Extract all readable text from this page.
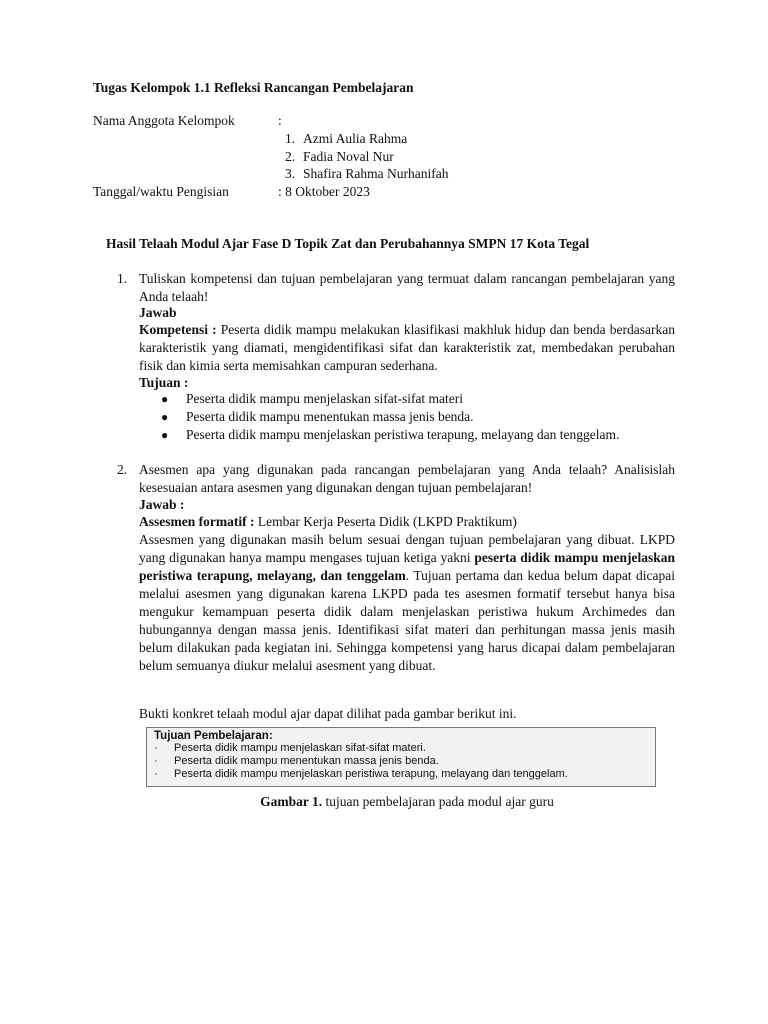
Tugas Kelompok 1.1 Refleksi Rancangan Pembelajaran
Nama Anggota Kelompok	:
1. Azmi Aulia Rahma
2. Fadia Noval Nur
3. Shafira Rahma Nurhanifah
Tanggal/waktu Pengisian	: 8 Oktober 2023
Hasil Telaah Modul Ajar Fase D Topik Zat dan Perubahannya SMPN 17 Kota Tegal
1. Tuliskan kompetensi dan tujuan pembelajaran yang termuat dalam rancangan pembelajaran yang Anda telaah!
Jawab
Kompetensi : Peserta didik mampu melakukan klasifikasi makhluk hidup dan benda berdasarkan karakteristik yang diamati, mengidentifikasi sifat dan karakteristik zat, membedakan perubahan fisik dan kimia serta memisahkan campuran sederhana.
Tujuan :
● Peserta didik mampu menjelaskan sifat-sifat materi
● Peserta didik mampu menentukan massa jenis benda.
● Peserta didik mampu menjelaskan peristiwa terapung, melayang dan tenggelam.
2. Asesmen apa yang digunakan pada rancangan pembelajaran yang Anda telaah? Analisislah kesesuaian antara asesmen yang digunakan dengan tujuan pembelajaran!
Jawab :
Assesmen formatif : Lembar Kerja Peserta Didik (LKPD Praktikum)
Assesmen yang digunakan masih belum sesuai dengan tujuan pembelajaran yang dibuat. LKPD yang digunakan hanya mampu mengases tujuan ketiga yakni peserta didik mampu menjelaskan peristiwa terapung, melayang, dan tenggelam. Tujuan pertama dan kedua belum dapat dicapai melalui asesmen yang digunakan karena LKPD pada tes asesmen formatif tersebut hanya bisa mengukur kemampuan peserta didik dalam menjelaskan peristiwa hukum Archimedes dan hubungannya dengan massa jenis. Identifikasi sifat materi dan perhitungan massa jenis masih belum dilakukan pada kegiatan ini. Sehingga kompetensi yang harus dicapai dalam pembelajaran belum semuanya diukur melalui asesment yang dibuat.
Bukti konkret telaah modul ajar dapat dilihat pada gambar berikut ini.
Tujuan Pembelajaran:
· Peserta didik mampu menjelaskan sifat-sifat materi.
· Peserta didik mampu menentukan massa jenis benda.
· Peserta didik mampu menjelaskan peristiwa terapung, melayang dan tenggelam.
Gambar 1. tujuan pembelajaran pada modul ajar guru
